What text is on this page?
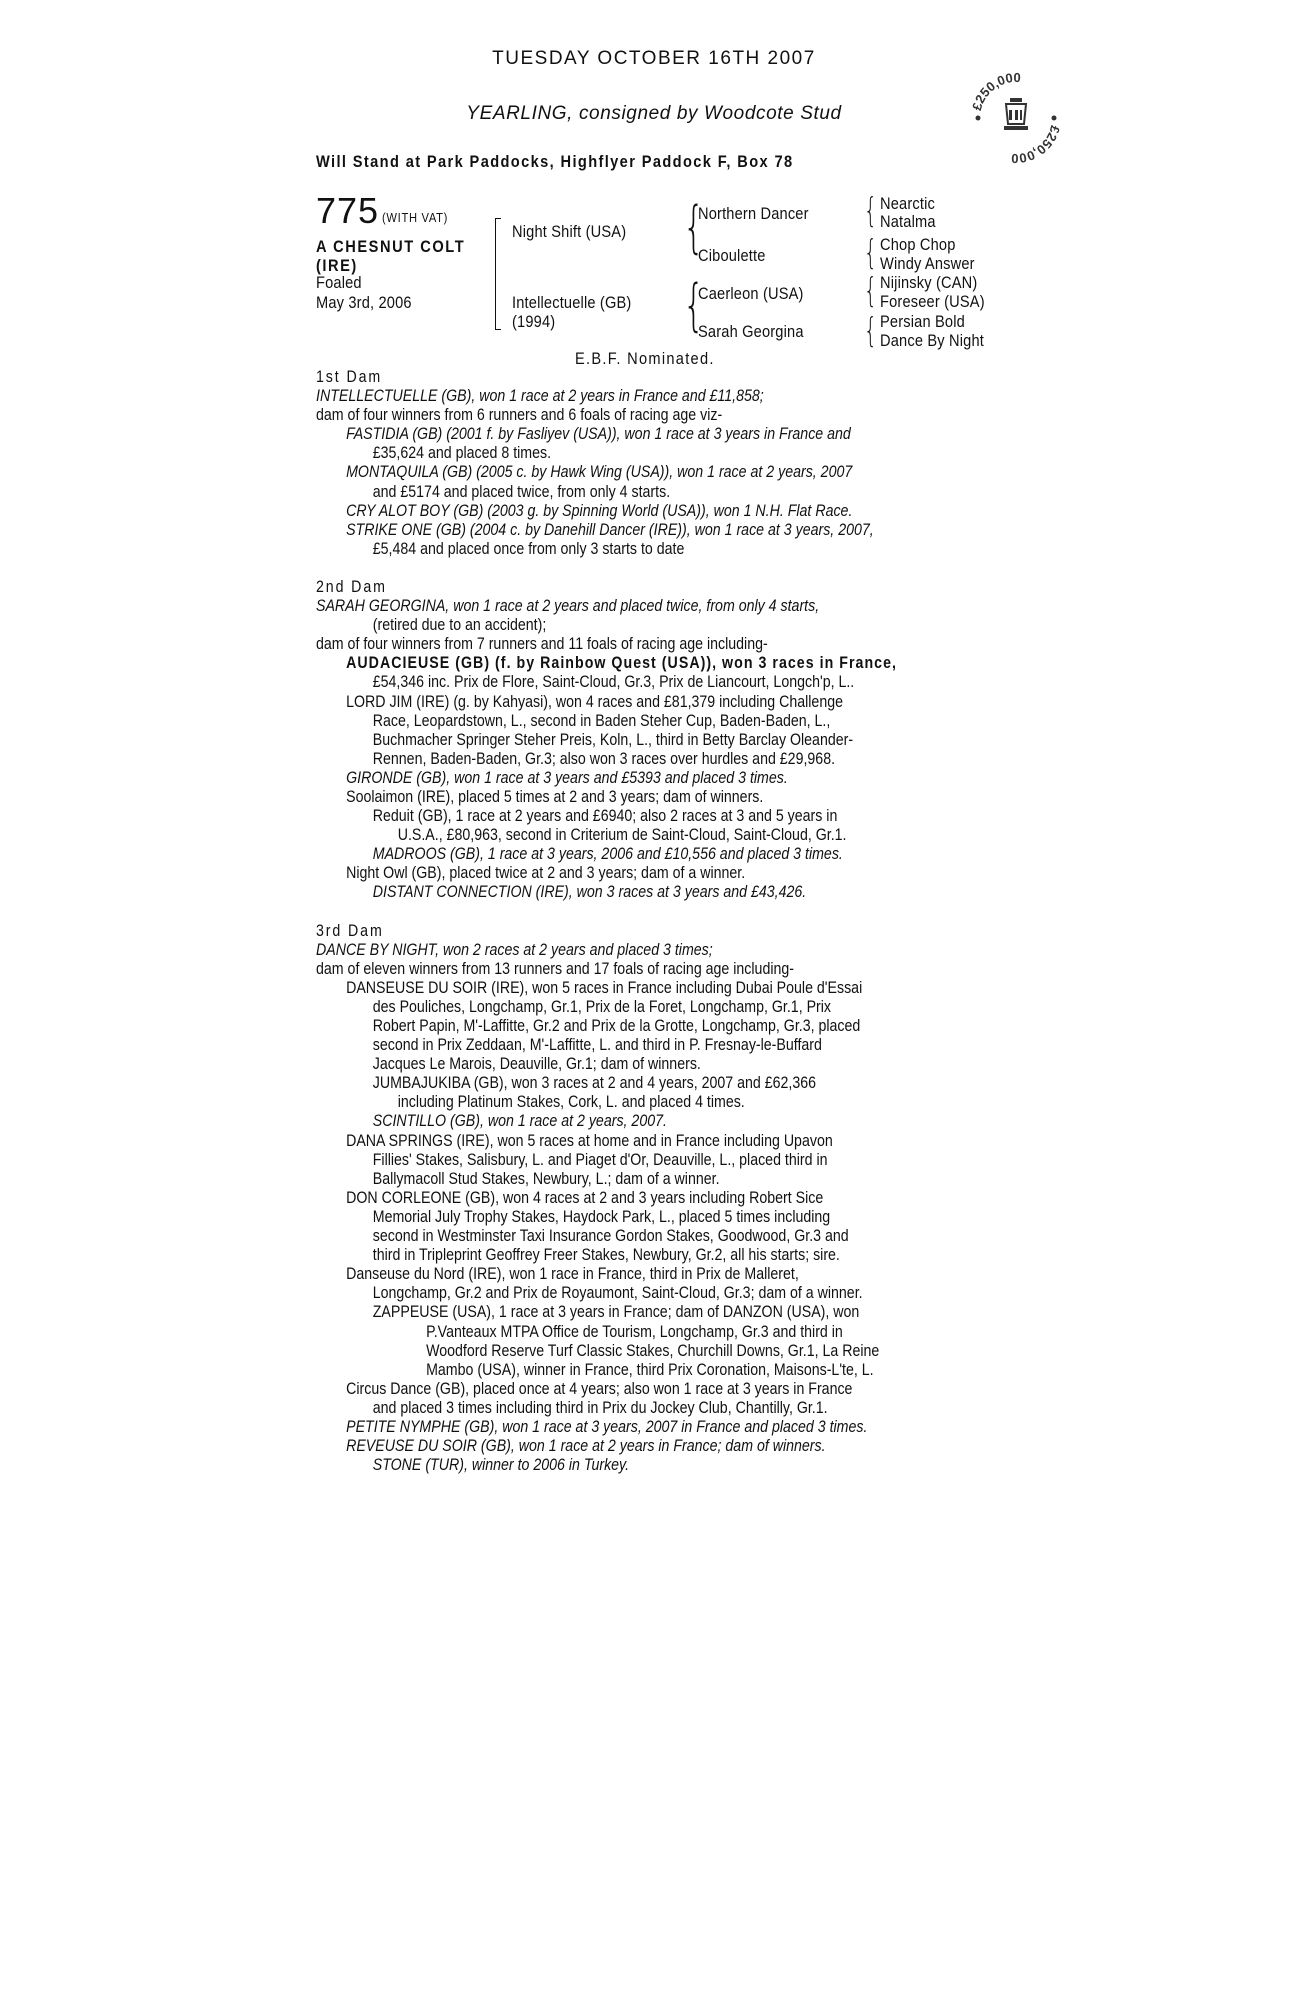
TUESDAY OCTOBER 16TH 2007
YEARLING, consigned by Woodcote Stud
Will Stand at Park Paddocks, Highflyer Paddock F, Box 78
£250,000
£250,000
775 (WITH VAT)
A CHESNUT COLT
(IRE)
Foaled
May 3rd, 2006
Night Shift (USA)
Intellectuelle (GB)
(1994)
{
Northern Dancer
Ciboulette
{
Caerleon (USA)
Sarah Georgina
{ Nearctic
Natalma
{ Chop Chop
Windy Answer
{ Nijinsky (CAN)
Foreseer (USA)
{ Persian Bold
Dance By Night
E.B.F. Nominated.
1st Dam
INTELLECTUELLE (GB), won 1 race at 2 years in France and £11,858;
dam of four winners from 6 runners and 6 foals of racing age viz-
FASTIDIA (GB) (2001 f. by Fasliyev (USA)), won 1 race at 3 years in France and
£35,624 and placed 8 times.
MONTAQUILA (GB) (2005 c. by Hawk Wing (USA)), won 1 race at 2 years, 2007
and £5174 and placed twice, from only 4 starts.
CRY ALOT BOY (GB) (2003 g. by Spinning World (USA)), won 1 N.H. Flat Race.
STRIKE ONE (GB) (2004 c. by Danehill Dancer (IRE)), won 1 race at 3 years, 2007,
£5,484 and placed once from only 3 starts to date
2nd Dam
SARAH GEORGINA, won 1 race at 2 years and placed twice, from only 4 starts,
(retired due to an accident);
dam of four winners from 7 runners and 11 foals of racing age including-
AUDACIEUSE (GB) (f. by Rainbow Quest (USA)), won 3 races in France,
£54,346 inc. Prix de Flore, Saint-Cloud, Gr.3, Prix de Liancourt, Longch'p, L..
LORD JIM (IRE) (g. by Kahyasi), won 4 races and £81,379 including Challenge
Race, Leopardstown, L., second in Baden Steher Cup, Baden-Baden, L.,
Buchmacher Springer Steher Preis, Koln, L., third in Betty Barclay Oleander-
Rennen, Baden-Baden, Gr.3; also won 3 races over hurdles and £29,968.
GIRONDE (GB), won 1 race at 3 years and £5393 and placed 3 times.
Soolaimon (IRE), placed 5 times at 2 and 3 years; dam of winners.
Reduit (GB), 1 race at 2 years and £6940; also 2 races at 3 and 5 years in
U.S.A., £80,963, second in Criterium de Saint-Cloud, Saint-Cloud, Gr.1.
MADROOS (GB), 1 race at 3 years, 2006 and £10,556 and placed 3 times.
Night Owl (GB), placed twice at 2 and 3 years; dam of a winner.
DISTANT CONNECTION (IRE), won 3 races at 3 years and £43,426.
3rd Dam
DANCE BY NIGHT, won 2 races at 2 years and placed 3 times;
dam of eleven winners from 13 runners and 17 foals of racing age including-
DANSEUSE DU SOIR (IRE), won 5 races in France including Dubai Poule d'Essai
des Pouliches, Longchamp, Gr.1, Prix de la Foret, Longchamp, Gr.1, Prix
Robert Papin, M'-Laffitte, Gr.2 and Prix de la Grotte, Longchamp, Gr.3, placed
second in Prix Zeddaan, M'-Laffitte, L. and third in P. Fresnay-le-Buffard
Jacques Le Marois, Deauville, Gr.1; dam of winners.
JUMBAJUKIBA (GB), won 3 races at 2 and 4 years, 2007 and £62,366
including Platinum Stakes, Cork, L. and placed 4 times.
SCINTILLO (GB), won 1 race at 2 years, 2007.
DANA SPRINGS (IRE), won 5 races at home and in France including Upavon
Fillies' Stakes, Salisbury, L. and Piaget d'Or, Deauville, L., placed third in
Ballymacoll Stud Stakes, Newbury, L.; dam of a winner.
DON CORLEONE (GB), won 4 races at 2 and 3 years including Robert Sice
Memorial July Trophy Stakes, Haydock Park, L., placed 5 times including
second in Westminster Taxi Insurance Gordon Stakes, Goodwood, Gr.3 and
third in Tripleprint Geoffrey Freer Stakes, Newbury, Gr.2, all his starts; sire.
Danseuse du Nord (IRE), won 1 race in France, third in Prix de Malleret,
Longchamp, Gr.2 and Prix de Royaumont, Saint-Cloud, Gr.3; dam of a winner.
ZAPPEUSE (USA), 1 race at 3 years in France; dam of DANZON (USA), won
P.Vanteaux MTPA Office de Tourism, Longchamp, Gr.3 and third in
Woodford Reserve Turf Classic Stakes, Churchill Downs, Gr.1, La Reine
Mambo (USA), winner in France, third Prix Coronation, Maisons-L'te, L.
Circus Dance (GB), placed once at 4 years; also won 1 race at 3 years in France
and placed 3 times including third in Prix du Jockey Club, Chantilly, Gr.1.
PETITE NYMPHE (GB), won 1 race at 3 years, 2007 in France and placed 3 times.
REVEUSE DU SOIR (GB), won 1 race at 2 years in France; dam of winners.
STONE (TUR), winner to 2006 in Turkey.
